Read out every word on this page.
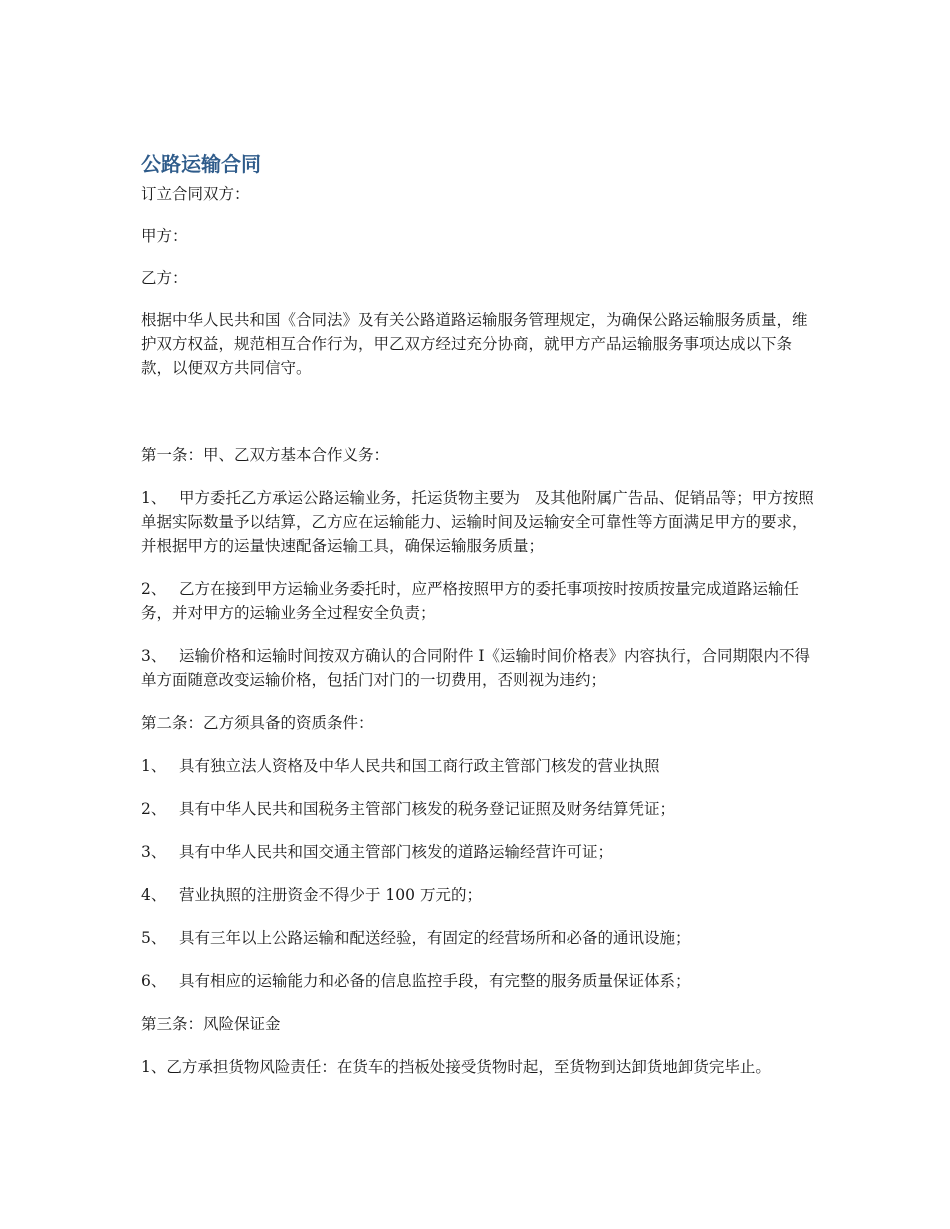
公路运输合同

订立合同双方：

甲方：

乙方：

根据中华人民共和国《合同法》及有关公路道路运输服务管理规定，为确保公路运输服务质量，维护双方权益，规范相互合作行为，甲乙双方经过充分协商，就甲方产品运输服务事项达成以下条款，以便双方共同信守。

第一条：甲、乙双方基本合作义务：

1、 甲方委托乙方承运公路运输业务，托运货物主要为   及其他附属广告品、促销品等；甲方按照单据实际数量予以结算，乙方应在运输能力、运输时间及运输安全可靠性等方面满足甲方的要求，并根据甲方的运量快速配备运输工具，确保运输服务质量；

2、 乙方在接到甲方运输业务委托时，应严格按照甲方的委托事项按时按质按量完成道路运输任务，并对甲方的运输业务全过程安全负责；

3、 运输价格和运输时间按双方确认的合同附件 I《运输时间价格表》内容执行，合同期限内不得单方面随意改变运输价格，包括门对门的一切费用，否则视为违约；

第二条：乙方须具备的资质条件：

1、 具有独立法人资格及中华人民共和国工商行政主管部门核发的营业执照

2、 具有中华人民共和国税务主管部门核发的税务登记证照及财务结算凭证；

3、 具有中华人民共和国交通主管部门核发的道路运输经营许可证；

4、 营业执照的注册资金不得少于 100 万元的；

5、 具有三年以上公路运输和配送经验，有固定的经营场所和必备的通讯设施；

6、 具有相应的运输能力和必备的信息监控手段，有完整的服务质量保证体系；

第三条：风险保证金

1、乙方承担货物风险责任：在货车的挡板处接受货物时起，至货物到达卸货地卸货完毕止。
